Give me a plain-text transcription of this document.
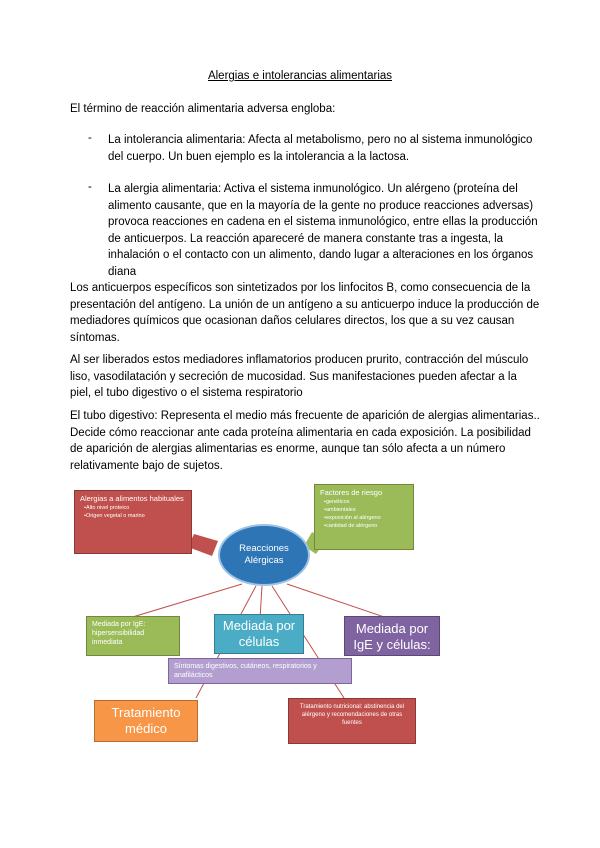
Alergias e intolerancias alimentarias
El término de reacción alimentaria adversa engloba:
- La intolerancia alimentaria: Afecta al metabolismo, pero no al sistema inmunológico del cuerpo. Un buen ejemplo es la intolerancia a la lactosa.
- La alergia alimentaria: Activa el sistema inmunológico. Un alérgeno (proteína del alimento causante, que en la mayoría de la gente no produce reacciones adversas) provoca reacciones en cadena en el sistema inmunológico, entre ellas la producción de anticuerpos. La reacción apareceré de manera constante tras a ingesta, la inhalación o el contacto con un alimento, dando lugar a alteraciones en los órganos diana
Los anticuerpos específicos son sintetizados por los linfocitos B, como consecuencia de la presentación del antígeno. La unión de un antígeno a su anticuerpo induce la producción de mediadores químicos que ocasionan daños celulares directos, los que a su vez causan síntomas.
Al ser liberados estos mediadores inflamatorios producen prurito, contracción del músculo liso, vasodilatación y secreción de mucosidad. Sus manifestaciones pueden afectar a la piel, el tubo digestivo o el sistema respiratorio
El tubo digestivo: Representa el medio más frecuente de aparición de alergias alimentarias.. Decide cómo reaccionar ante cada proteína alimentaria en cada exposición. La posibilidad de aparición de alergias alimentarias es enorme, aunque tan sólo afecta a un número relativamente bajo de sujetos.
Alergias a alimentos habituales
• Alto nivel proteico
• Origen vegetal o marino
Factores de riesgo
• genéticos
• ambientales
• exposición al alérgeno
• cantidad de alérgeno
Reacciones Alérgicas
Mediada por IgE: hipersensibilidad inmediata
Mediada por células
Mediada por IgE y células:
Síntomas digestivos, cutáneos, respiratorios y anafilácticos
Tratamiento médico
Tratamiento nutricional: abstinencia del alérgeno y recomendaciones de otras fuentes
